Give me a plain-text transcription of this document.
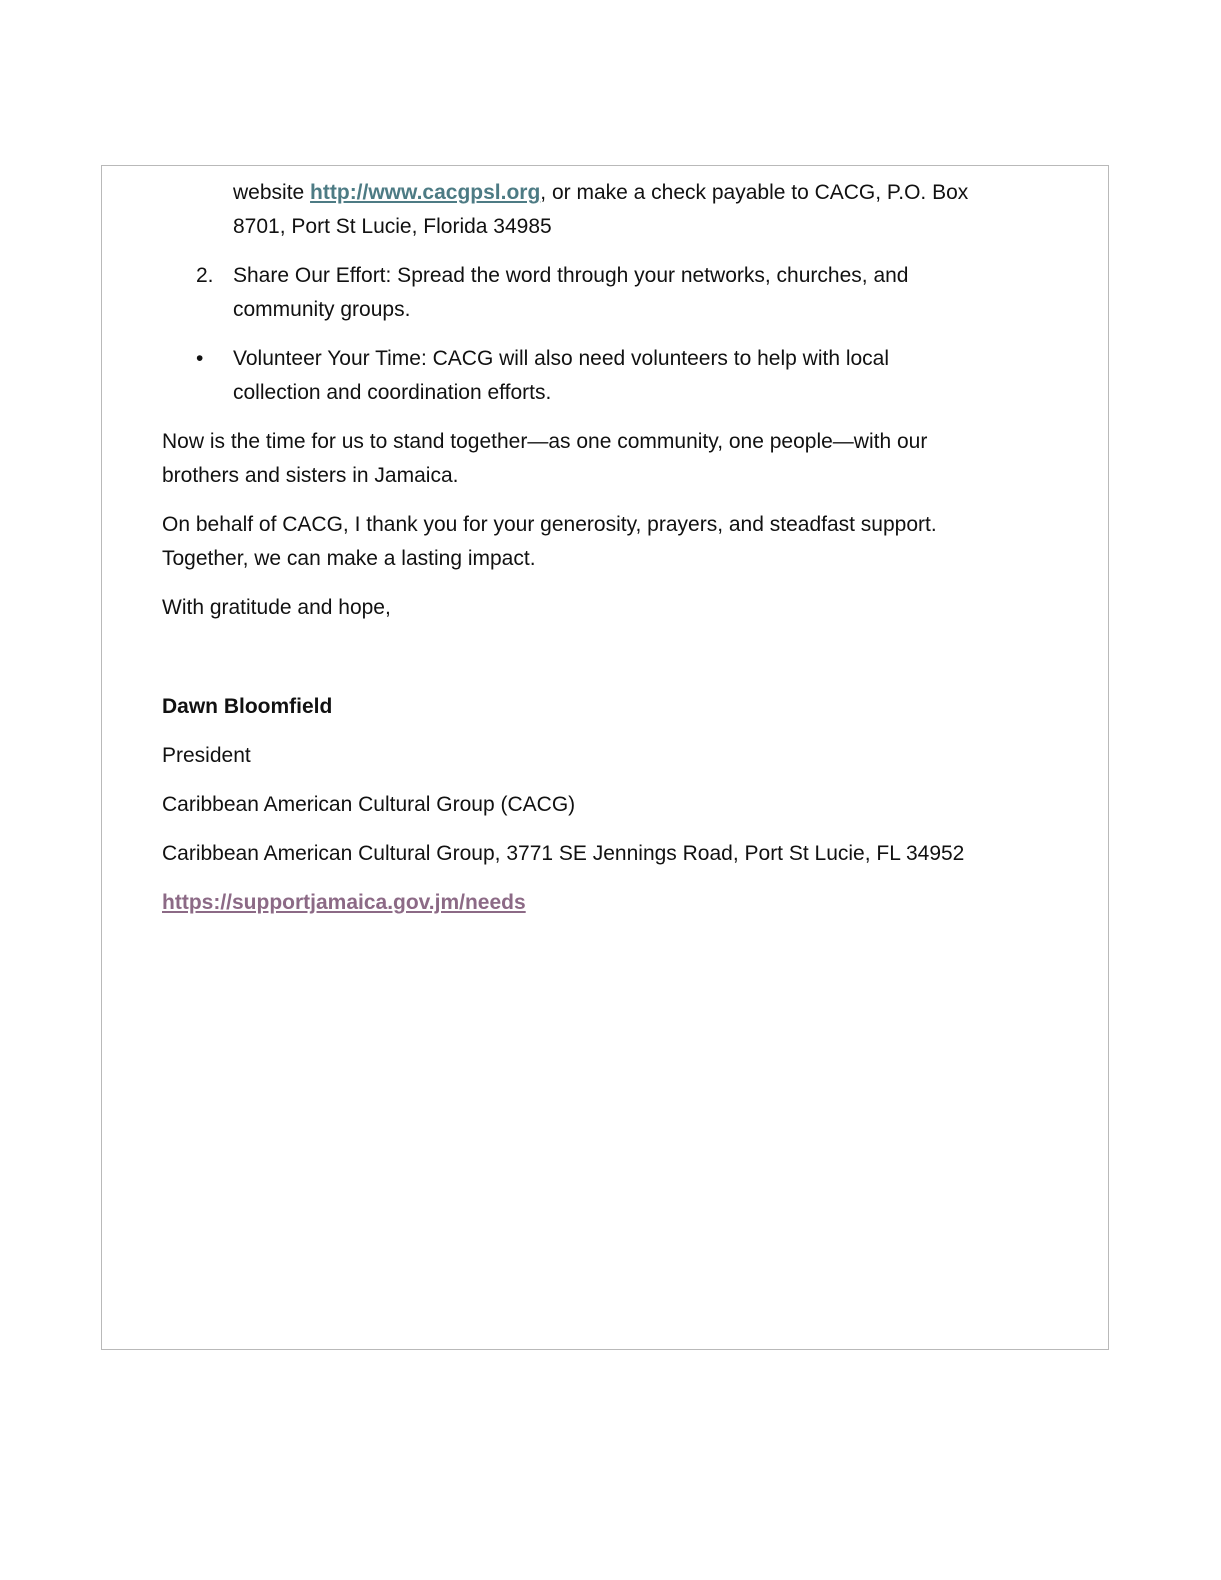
website http://www.cacgpsl.org, or make a check payable to CACG, P.O. Box
8701, Port St Lucie, Florida 34985
2. Share Our Effort: Spread the word through your networks, churches, and
community groups.
• Volunteer Your Time: CACG will also need volunteers to help with local
collection and coordination efforts.

Now is the time for us to stand together—as one community, one people—with our
brothers and sisters in Jamaica.

On behalf of CACG, I thank you for your generosity, prayers, and steadfast support.
Together, we can make a lasting impact.

With gratitude and hope,

Dawn Bloomfield

President

Caribbean American Cultural Group (CACG)

Caribbean American Cultural Group, 3771 SE Jennings Road, Port St Lucie, FL 34952

https://supportjamaica.gov.jm/needs
